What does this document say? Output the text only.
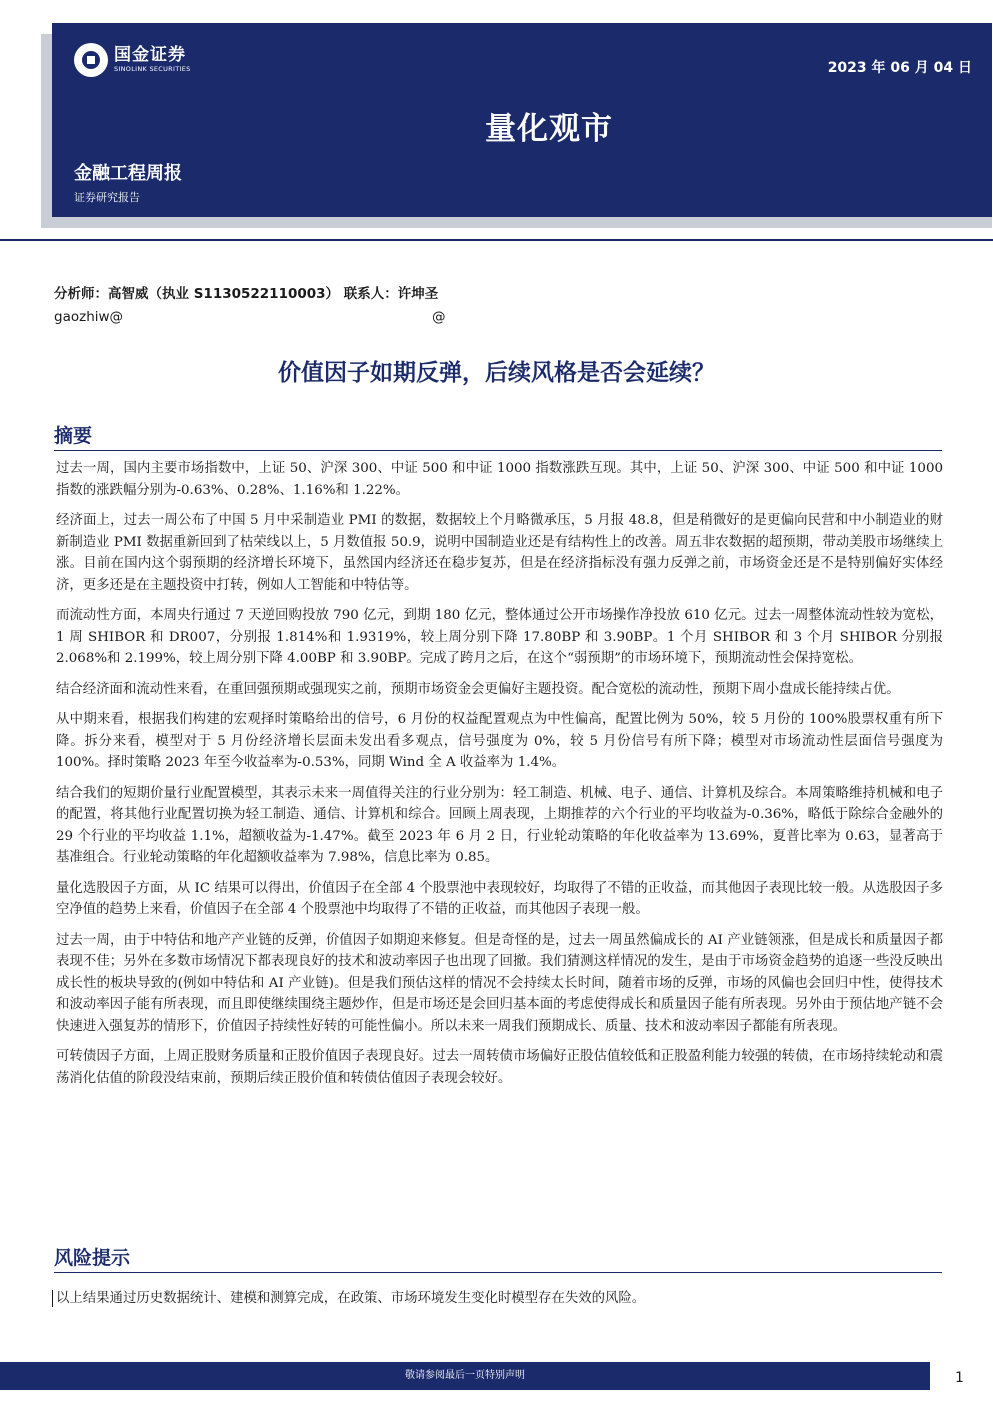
国金证券
SINOLINK SECURITIES	2023 年 06 月 04 日
量化观市
金融工程周报
证券研究报告
分析师：高智威（执业 S1130522110003） 联系人：许坤圣
gaozhiw@	@
价值因子如期反弹，后续风格是否会延续？
摘要

过去一周，国内主要市场指数中，上证 50、沪深 300、中证 500 和中证 1000 指数涨跌互现。其中，上证 50、沪深 300、中证 500 和中证 1000 指数的涨跌幅分别为-0.63%、0.28%、1.16%和 1.22%。

经济面上，过去一周公布了中国 5 月中采制造业 PMI 的数据，数据较上个月略微承压，5 月报 48.8，但是稍微好的是更偏向民营和中小制造业的财新制造业 PMI 数据重新回到了枯荣线以上，5 月数值报 50.9，说明中国制造业还是有结构性上的改善。周五非农数据的超预期，带动美股市场继续上涨。目前在国内这个弱预期的经济增长环境下，虽然国内经济还在稳步复苏，但是在经济指标没有强力反弹之前，市场资金还是不是特别偏好实体经济，更多还是在主题投资中打转，例如人工智能和中特估等。

而流动性方面，本周央行通过 7 天逆回购投放 790 亿元，到期 180 亿元，整体通过公开市场操作净投放 610 亿元。过去一周整体流动性较为宽松，1 周 SHIBOR 和 DR007，分别报 1.814%和 1.9319%，较上周分别下降 17.80BP 和 3.90BP。1 个月 SHIBOR 和 3 个月 SHIBOR 分别报 2.068%和 2.199%，较上周分别下降 4.00BP 和 3.90BP。完成了跨月之后，在这个“弱预期”的市场环境下，预期流动性会保持宽松。

结合经济面和流动性来看，在重回强预期或强现实之前，预期市场资金会更偏好主题投资。配合宽松的流动性，预期下周小盘成长能持续占优。

从中期来看，根据我们构建的宏观择时策略给出的信号，6 月份的权益配置观点为中性偏高，配置比例为 50%，较 5 月份的 100%股票权重有所下降。拆分来看，模型对于 5 月份经济增长层面未发出看多观点，信号强度为 0%，较 5 月份信号有所下降；模型对市场流动性层面信号强度为 100%。择时策略 2023 年至今收益率为-0.53%，同期 Wind 全 A 收益率为 1.4%。

结合我们的短期价量行业配置模型，其表示未来一周值得关注的行业分别为：轻工制造、机械、电子、通信、计算机及综合。本周策略维持机械和电子的配置，将其他行业配置切换为轻工制造、通信、计算机和综合。回顾上周表现，上期推荐的六个行业的平均收益为-0.36%，略低于除综合金融外的 29 个行业的平均收益 1.1%，超额收益为-1.47%。截至 2023 年 6 月 2 日，行业轮动策略的年化收益率为 13.69%，夏普比率为 0.63，显著高于基准组合。行业轮动策略的年化超额收益率为 7.98%，信息比率为 0.85。

量化选股因子方面，从 IC 结果可以得出，价值因子在全部 4 个股票池中表现较好，均取得了不错的正收益，而其他因子表现比较一般。从选股因子多空净值的趋势上来看，价值因子在全部 4 个股票池中均取得了不错的正收益，而其他因子表现一般。

过去一周，由于中特估和地产产业链的反弹，价值因子如期迎来修复。但是奇怪的是，过去一周虽然偏成长的 AI 产业链领涨，但是成长和质量因子都表现不佳；另外在多数市场情况下都表现良好的技术和波动率因子也出现了回撤。我们猜测这样情况的发生，是由于市场资金趋势的追逐一些没反映出成长性的板块导致的(例如中特估和 AI 产业链)。但是我们预估这样的情况不会持续太长时间，随着市场的反弹，市场的风偏也会回归中性，使得技术和波动率因子能有所表现，而且即使继续围绕主题炒作，但是市场还是会回归基本面的考虑使得成长和质量因子能有所表现。另外由于预估地产链不会快速进入强复苏的情形下，价值因子持续性好转的可能性偏小。所以未来一周我们预期成长、质量、技术和波动率因子都能有所表现。

可转债因子方面，上周正股财务质量和正股价值因子表现良好。过去一周转债市场偏好正股估值较低和正股盈利能力较强的转债，在市场持续轮动和震荡消化估值的阶段没结束前，预期后续正股价值和转债估值因子表现会较好。

风险提示
以上结果通过历史数据统计、建模和测算完成，在政策、市场环境发生变化时模型存在失效的风险。
敬请参阅最后一页特别声明	1
